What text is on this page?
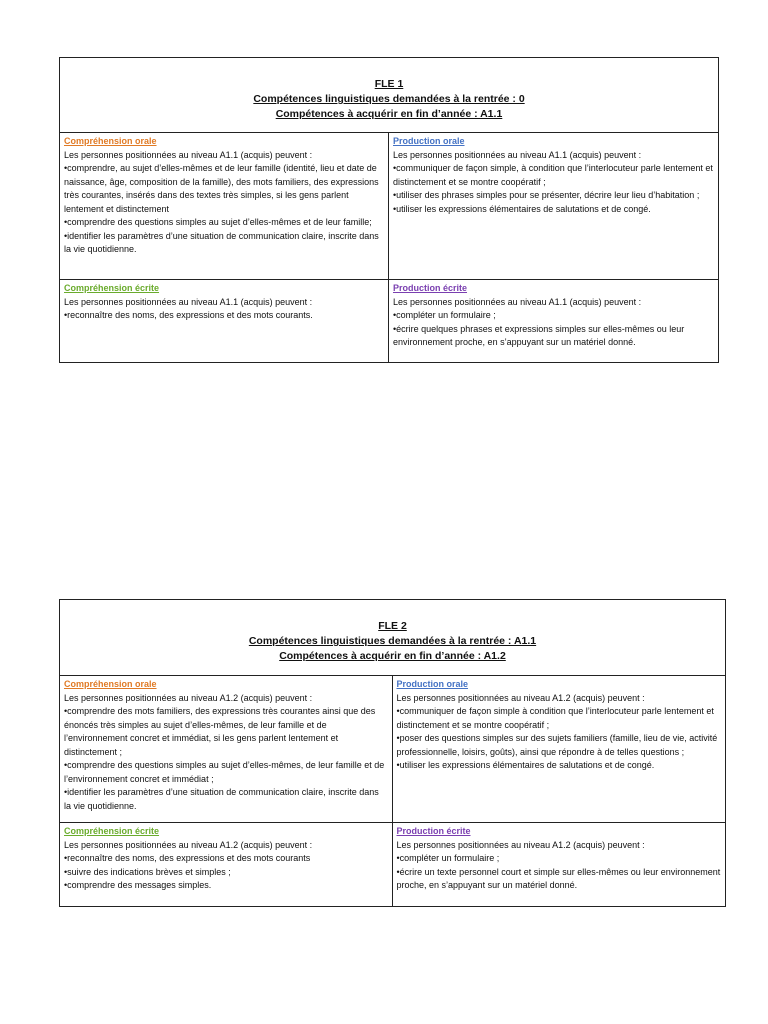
FLE 1
Compétences linguistiques demandées à la rentrée : 0
Compétences à acquérir en fin d’année : A1.1
Compréhension orale
Les personnes positionnées au niveau A1.1 (acquis) peuvent :
• comprendre, au sujet d’elles-mêmes et de leur famille (identité, lieu et date de naissance, âge, composition de la famille), des mots familiers, des expressions très courantes, insérés dans des textes très simples, si les gens parlent lentement et distinctement
• comprendre des questions simples au sujet d’elles-mêmes et de leur famille;
• identifier les paramètres d’une situation de communication claire, inscrite dans la vie quotidienne.
Production orale
Les personnes positionnées au niveau A1.1 (acquis) peuvent :
• communiquer de façon simple, à condition que l’interlocuteur parle lentement et distinctement et se montre coopératif ;
• utiliser des phrases simples pour se présenter, décrire leur lieu d’habitation ;
• utiliser les expressions élémentaires de salutations et de congé.
Compréhension écrite
Les personnes positionnées au niveau A1.1 (acquis) peuvent :
• reconnaître des noms, des expressions et des mots courants.
Production écrite
Les personnes positionnées au niveau A1.1 (acquis) peuvent :
• compléter un formulaire ;
• écrire quelques phrases et expressions simples sur elles-mêmes ou leur environnement proche, en s’appuyant sur un matériel donné.
FLE 2
Compétences linguistiques demandées à la rentrée : A1.1
Compétences à acquérir en fin d’année : A1.2
Compréhension orale
Les personnes positionnées au niveau A1.2 (acquis) peuvent :
• comprendre des mots familiers, des expressions très courantes ainsi que des énoncés très simples au sujet d’elles-mêmes, de leur famille et de l’environnement concret et immédiat, si les gens parlent lentement et distinctement ;
• comprendre des questions simples au sujet d’elles-mêmes, de leur famille et de l’environnement concret et immédiat ;
• identifier les paramètres d’une situation de communication claire, inscrite dans la vie quotidienne.
Production orale
Les personnes positionnées au niveau A1.2 (acquis) peuvent :
• communiquer de façon simple à condition que l’interlocuteur parle lentement et distinctement et se montre coopératif ;
• poser des questions simples sur des sujets familiers (famille, lieu de vie, activité professionnelle, loisirs, goûts), ainsi que répondre à de telles questions ;
• utiliser les expressions élémentaires de salutations et de congé.
Compréhension écrite
Les personnes positionnées au niveau A1.2 (acquis) peuvent :
• reconnaître des noms, des expressions et des mots courants
• suivre des indications brèves et simples ;
• comprendre des messages simples.
Production écrite
Les personnes positionnées au niveau A1.2 (acquis) peuvent :
• compléter un formulaire ;
• écrire un texte personnel court et simple sur elles-mêmes ou leur environnement proche, en s’appuyant sur un matériel donné.
